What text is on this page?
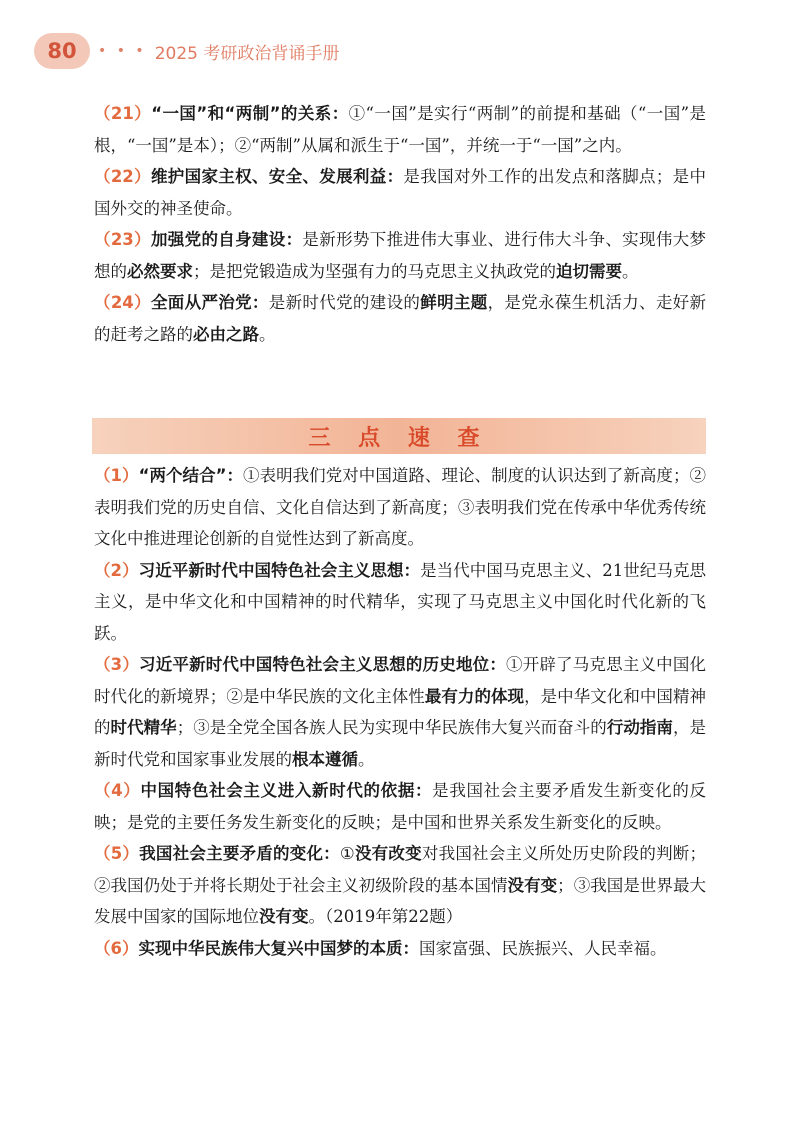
80	• • • 2025 考研政治背诵手册

（21）“一国”和“两制”的关系：①“一国”是实行“两制”的前提和基础（“一国”是根，“一国”是本）；②“两制”从属和派生于“一国”，并统一于“一国”之内。

（22）维护国家主权、安全、发展利益：是我国对外工作的出发点和落脚点；是中国外交的神圣使命。

（23）加强党的自身建设：是新形势下推进伟大事业、进行伟大斗争、实现伟大梦想的必然要求；是把党锻造成为坚强有力的马克思主义执政党的迫切需要。

（24）全面从严治党：是新时代党的建设的鲜明主题，是党永葆生机活力、走好新的赶考之路的必由之路。

三 点 速 查

（1）“两个结合”：①表明我们党对中国道路、理论、制度的认识达到了新高度；②表明我们党的历史自信、文化自信达到了新高度；③表明我们党在传承中华优秀传统文化中推进理论创新的自觉性达到了新高度。

（2）习近平新时代中国特色社会主义思想：是当代中国马克思主义、21世纪马克思主义，是中华文化和中国精神的时代精华，实现了马克思主义中国化时代化新的飞跃。

（3）习近平新时代中国特色社会主义思想的历史地位：①开辟了马克思主义中国化时代化的新境界；②是中华民族的文化主体性最有力的体现，是中华文化和中国精神的时代精华；③是全党全国各族人民为实现中华民族伟大复兴而奋斗的行动指南，是新时代党和国家事业发展的根本遵循。

（4）中国特色社会主义进入新时代的依据：是我国社会主要矛盾发生新变化的反映；是党的主要任务发生新变化的反映；是中国和世界关系发生新变化的反映。

（5）我国社会主要矛盾的变化：①没有改变对我国社会主义所处历史阶段的判断；②我国仍处于并将长期处于社会主义初级阶段的基本国情没有变；③我国是世界最大发展中国家的国际地位没有变。（2019年第22题）

（6）实现中华民族伟大复兴中国梦的本质：国家富强、民族振兴、人民幸福。
